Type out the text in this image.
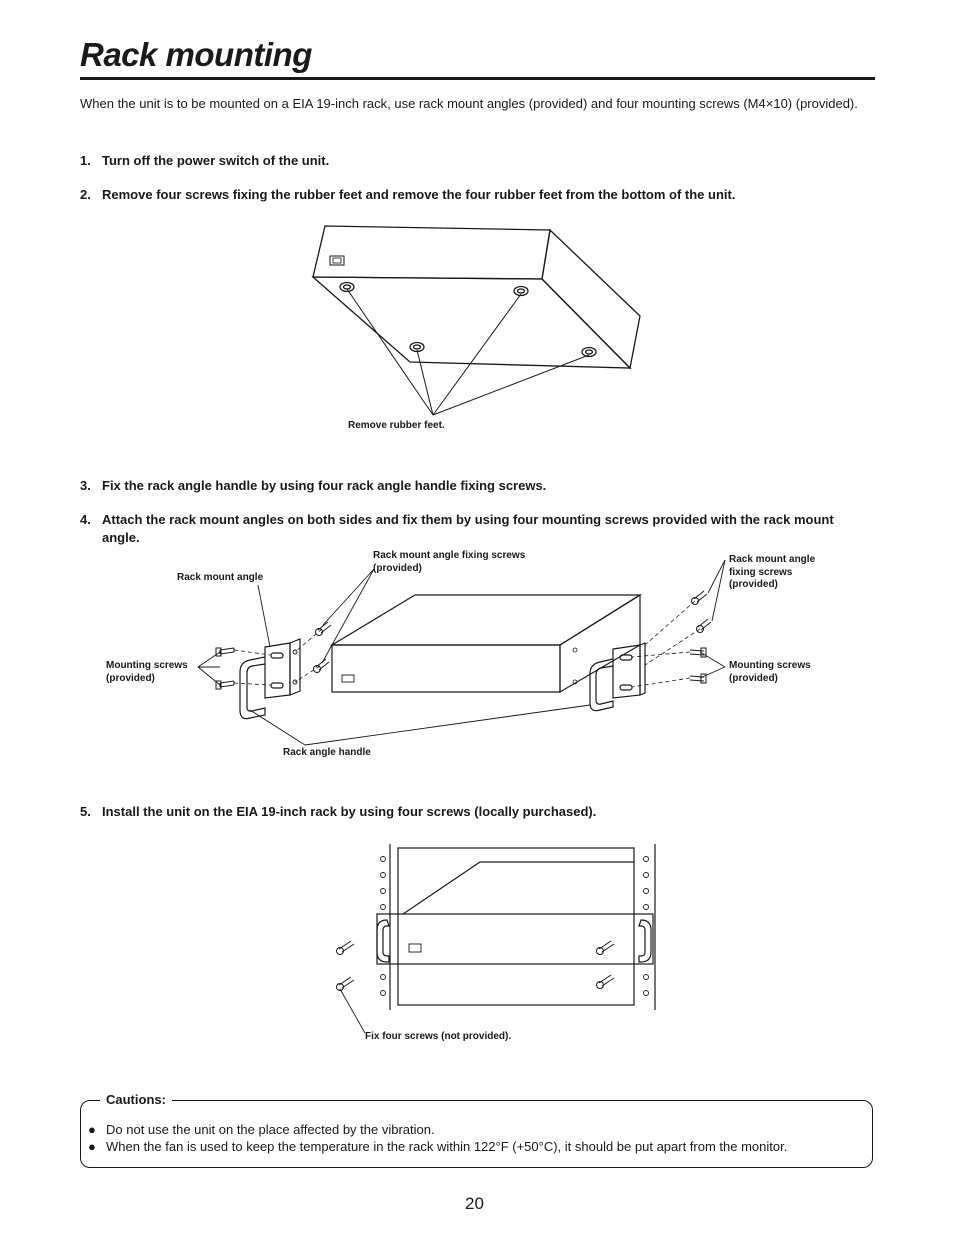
Rack mounting
When the unit is to be mounted on a EIA 19-inch rack, use rack mount angles (provided) and four mounting screws (M4×10) (provided).
1. Turn off the power switch of the unit.
2. Remove four screws fixing the rubber feet and remove the four rubber feet from the bottom of the unit.
Remove rubber feet.
3. Fix the rack angle handle by using four rack angle handle fixing screws.
4. Attach the rack mount angles on both sides and fix them by using four mounting screws provided with the rack mount angle.
Rack mount angle
Rack mount angle fixing screws
(provided)
Rack mount angle
fixing screws
(provided)
Mounting screws
(provided)
Mounting screws
(provided)
Rack angle handle
5. Install the unit on the EIA 19-inch rack by using four screws (locally purchased).
Fix four screws (not provided).
Cautions:
● Do not use the unit on the place affected by the vibration.
● When the fan is used to keep the temperature in the rack within 122°F (+50°C), it should be put apart from the monitor.
20
